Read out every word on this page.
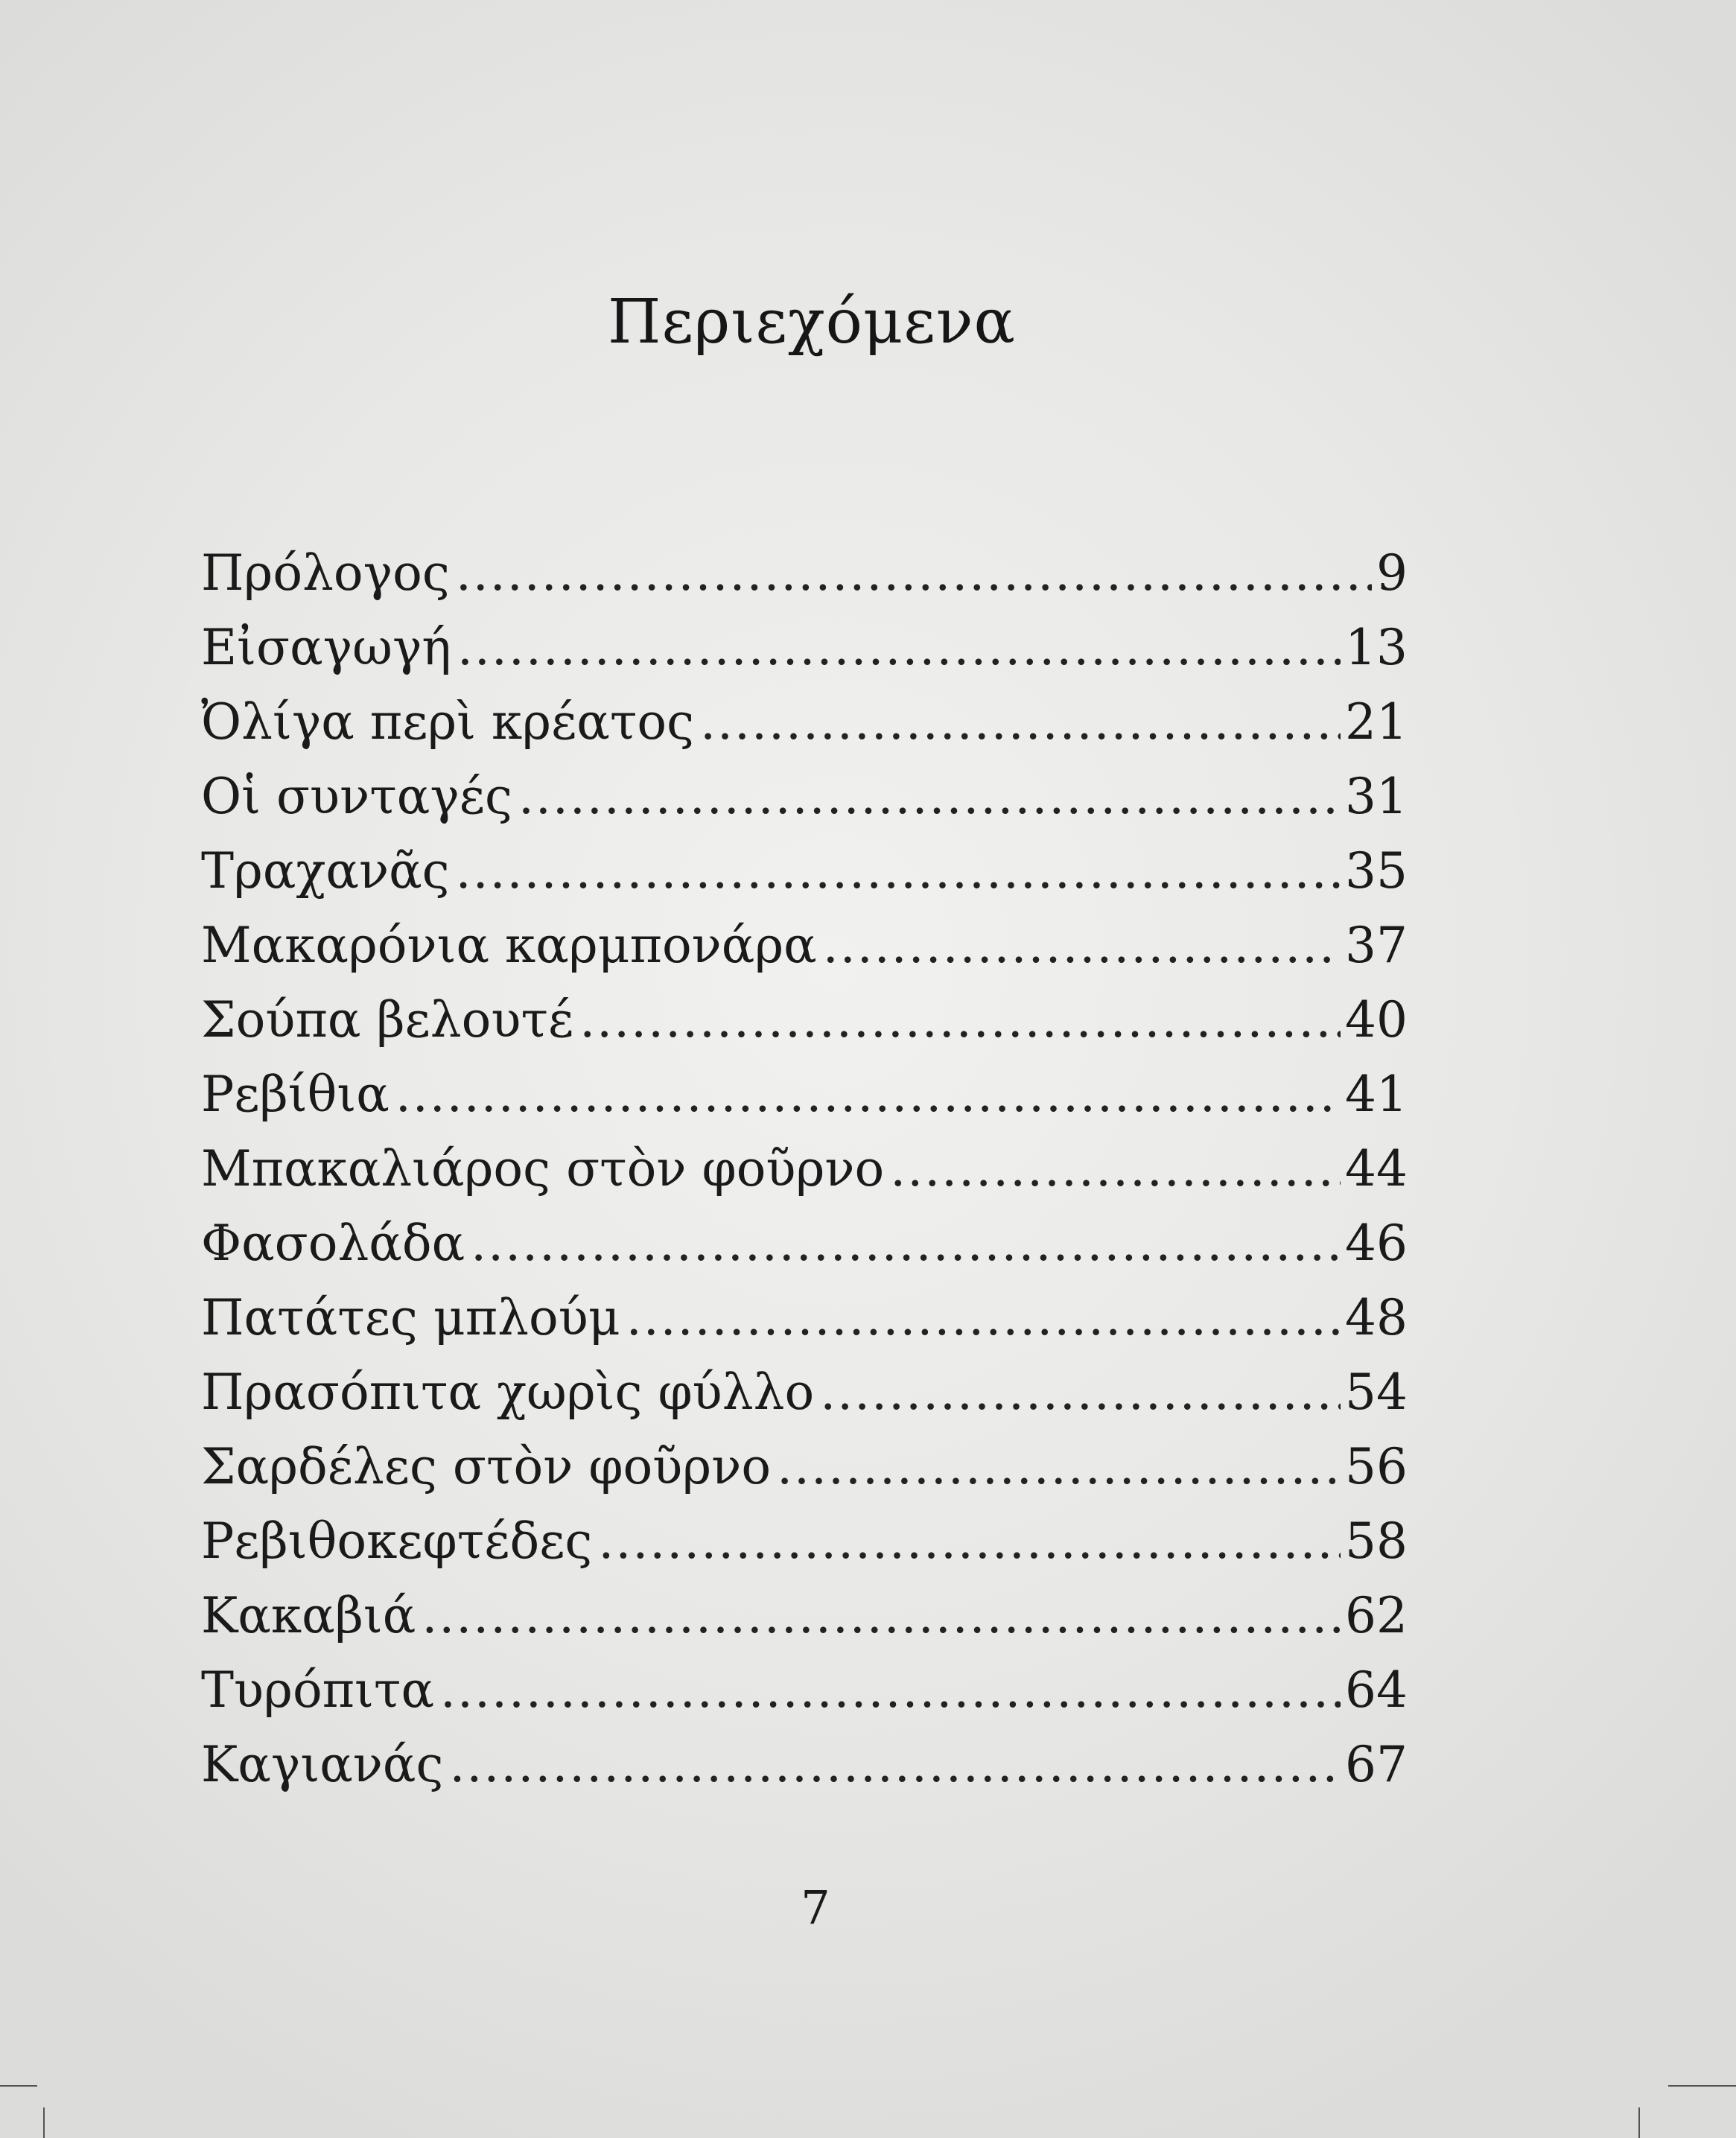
Περιεχόμενα
Πρόλογος .....	9
Εἰσαγωγή .....	13
Ὀλίγα περὶ κρέατος .....	21
Οἱ συνταγές .....	31
Τραχανᾶς .....	35
Μακαρόνια καρμπονάρα .....	37
Σούπα βελουτέ .....	40
Ρεβίθια .....	41
Μπακαλιάρος στὸν φοῦρνο .....	44
Φασολάδα .....	46
Πατάτες μπλούμ .....	48
Πρασόπιτα χωρὶς φύλλο .....	54
Σαρδέλες στὸν φοῦρνο .....	56
Ρεβιθοκεφτέδες .....	58
Κακαβιά .....	62
Τυρόπιτα .....	64
Καγιανάς .....	67
7
